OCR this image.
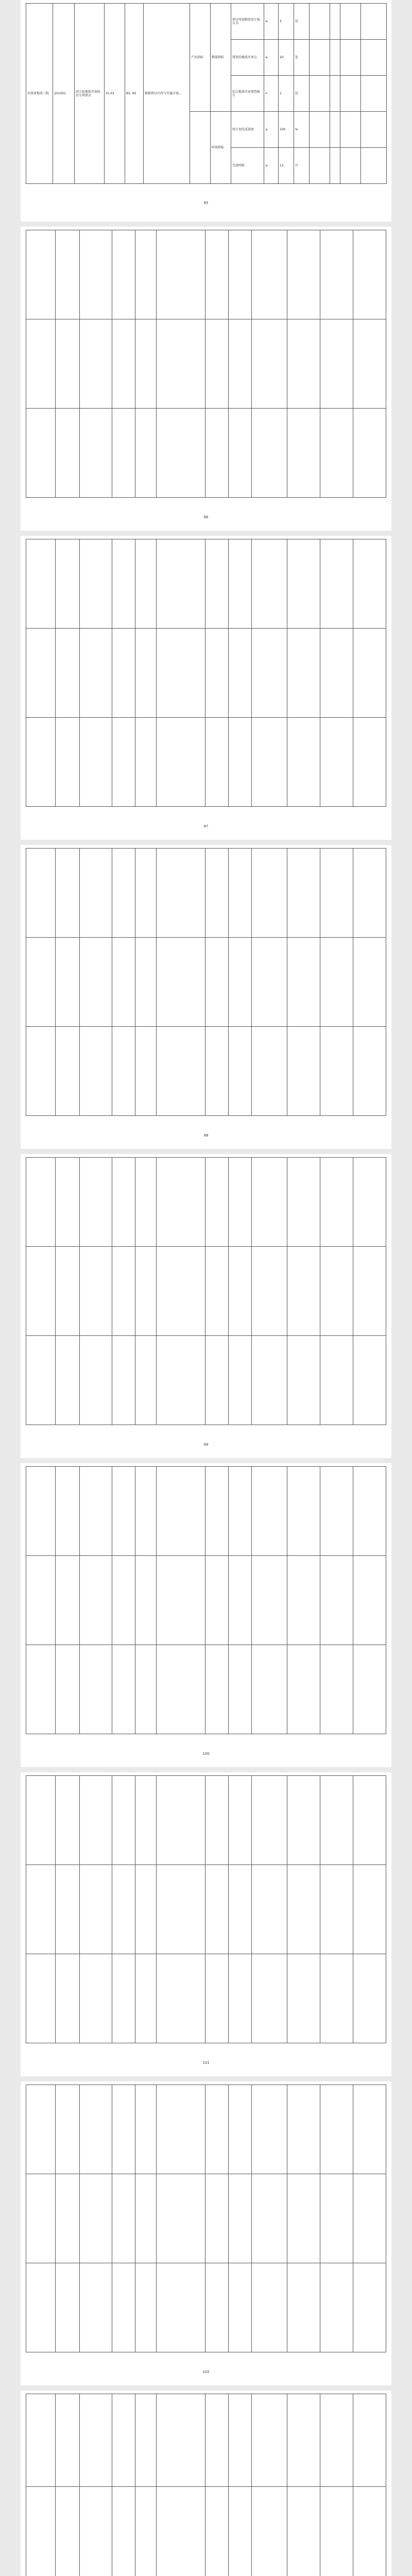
河南省地质三院	201001	固土防地质灾害防治专项资金	31-01	85, 00	根据项目内容与实施方案...	产出指标	数量指标	项目所需勘查设计报告书	≥	2	份				
								排查的地质灾害点	≥	20	处				
								综合地质灾害排查报告	=	1	份				
							时效指标	按计划完成进度	≤	100	%				
								完成时限	≤	12	月				
95

96

97

98

99

100

101

102
